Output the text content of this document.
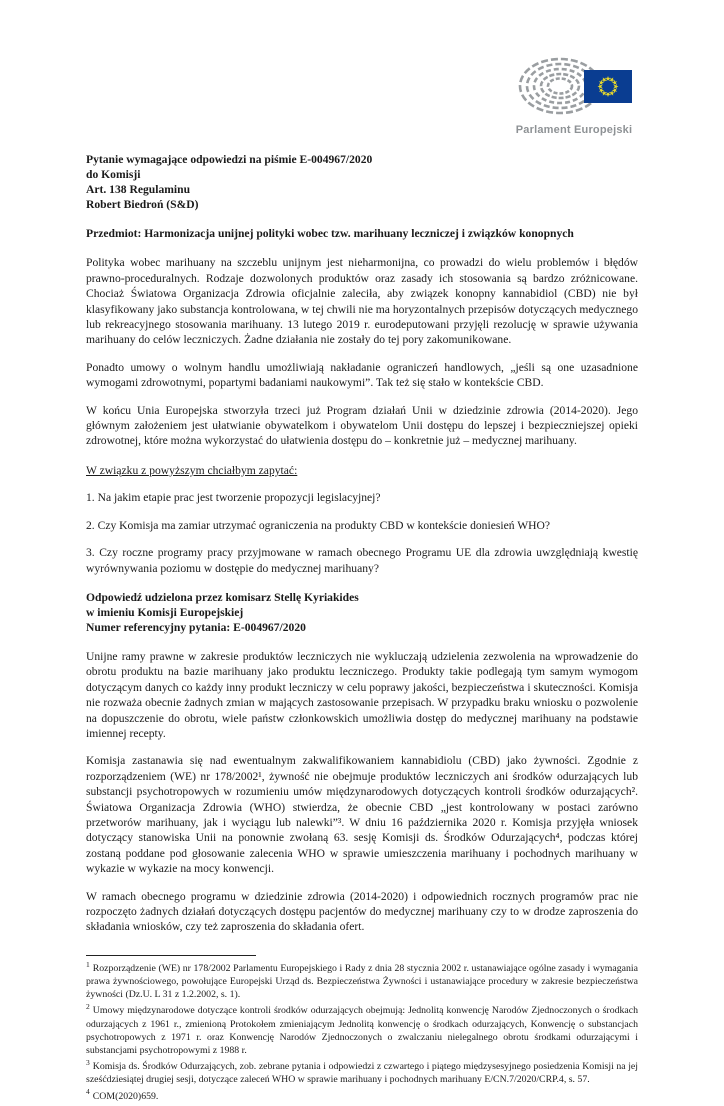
Parlament Europejski
Pytanie wymagające odpowiedzi na piśmie E-004967/2020
do Komisji
Art. 138 Regulaminu
Robert Biedroń (S&D)
Przedmiot: Harmonizacja unijnej polityki wobec tzw. marihuany leczniczej i związków konopnych

Polityka wobec marihuany na szczeblu unijnym jest nieharmonijna, co prowadzi do wielu problemów i błędów prawno-proceduralnych. Rodzaje dozwolonych produktów oraz zasady ich stosowania są bardzo zróżnicowane. Chociaż Światowa Organizacja Zdrowia oficjalnie zaleciła, aby związek konopny kannabidiol (CBD) nie był klasyfikowany jako substancja kontrolowana, w tej chwili nie ma horyzontalnych przepisów dotyczących medycznego lub rekreacyjnego stosowania marihuany. 13 lutego 2019 r. eurodeputowani przyjęli rezolucję w sprawie używania marihuany do celów leczniczych. Żadne działania nie zostały do tej pory zakomunikowane.

Ponadto umowy o wolnym handlu umożliwiają nakładanie ograniczeń handlowych, „jeśli są one uzasadnione wymogami zdrowotnymi, popartymi badaniami naukowymi”. Tak też się stało w kontekście CBD.

W końcu Unia Europejska stworzyła trzeci już Program działań Unii w dziedzinie zdrowia (2014-2020). Jego głównym założeniem jest ułatwianie obywatelkom i obywatelom Unii dostępu do lepszej i bezpieczniejszej opieki zdrowotnej, które można wykorzystać do ułatwienia dostępu do – konkretnie już – medycznej marihuany.

W związku z powyższym chciałbym zapytać:
1. Na jakim etapie prac jest tworzenie propozycji legislacyjnej?
2. Czy Komisja ma zamiar utrzymać ograniczenia na produkty CBD w kontekście doniesień WHO?
3. Czy roczne programy pracy przyjmowane w ramach obecnego Programu UE dla zdrowia uwzględniają kwestię wyrównywania poziomu w dostępie do medycznej marihuany?
Odpowiedź udzielona przez komisarz Stellę Kyriakides
w imieniu Komisji Europejskiej
Numer referencyjny pytania: E-004967/2020

Unijne ramy prawne w zakresie produktów leczniczych nie wykluczają udzielenia zezwolenia na wprowadzenie do obrotu produktu na bazie marihuany jako produktu leczniczego. Produkty takie podlegają tym samym wymogom dotyczącym danych co każdy inny produkt leczniczy w celu poprawy jakości, bezpieczeństwa i skuteczności. Komisja nie rozważa obecnie żadnych zmian w mających zastosowanie przepisach. W przypadku braku wniosku o pozwolenie na dopuszczenie do obrotu, wiele państw członkowskich umożliwia dostęp do medycznej marihuany na podstawie imiennej recepty.

Komisja zastanawia się nad ewentualnym zakwalifikowaniem kannabidiolu (CBD) jako żywności. Zgodnie z rozporządzeniem (WE) nr 178/2002¹, żywność nie obejmuje produktów leczniczych ani środków odurzających lub substancji psychotropowych w rozumieniu umów międzynarodowych dotyczących kontroli środków odurzających². Światowa Organizacja Zdrowia (WHO) stwierdza, że obecnie CBD „jest kontrolowany w postaci zarówno przetworów marihuany, jak i wyciągu lub nalewki”³. W dniu 16 października 2020 r. Komisja przyjęła wniosek dotyczący stanowiska Unii na ponownie zwołaną 63. sesję Komisji ds. Środków Odurzających⁴, podczas której zostaną poddane pod głosowanie zalecenia WHO w sprawie umieszczenia marihuany i pochodnych marihuany w wykazie w wykazie na mocy konwencji.

W ramach obecnego programu w dziedzinie zdrowia (2014-2020) i odpowiednich rocznych programów prac nie rozpoczęto żadnych działań dotyczących dostępu pacjentów do medycznej marihuany czy to w drodze zaproszenia do składania wniosków, czy też zaproszenia do składania ofert.

$^1$ Rozporządzenie (WE) nr 178/2002 Parlamentu Europejskiego i Rady z dnia 28 stycznia 2002 r. ustanawiające ogólne zasady i wymagania prawa żywnościowego, powołujące Europejski Urząd ds. Bezpieczeństwa Żywności i ustanawiające procedury w zakresie bezpieczeństwa żywności (Dz.U. L 31 z 1.2.2002, s. 1).
$^2$ Umowy międzynarodowe dotyczące kontroli środków odurzających obejmują: Jednolitą konwencję Narodów Zjednoczonych o środkach odurzających z 1961 r., zmienioną Protokołem zmieniającym Jednolitą konwencję o środkach odurzających, Konwencję o substancjach psychotropowych z 1971 r. oraz Konwencję Narodów Zjednoczonych o zwalczaniu nielegalnego obrotu środkami odurzającymi i substancjami psychotropowymi z 1988 r.
$^3$ Komisja ds. Środków Odurzających, zob. zebrane pytania i odpowiedzi z czwartego i piątego międzysesyjnego posiedzenia Komisji na jej sześćdziesiątej drugiej sesji, dotyczące zaleceń WHO w sprawie marihuany i pochodnych marihuany E/CN.7/2020/CRP.4, s. 57.
$^4$ COM(2020)659.
